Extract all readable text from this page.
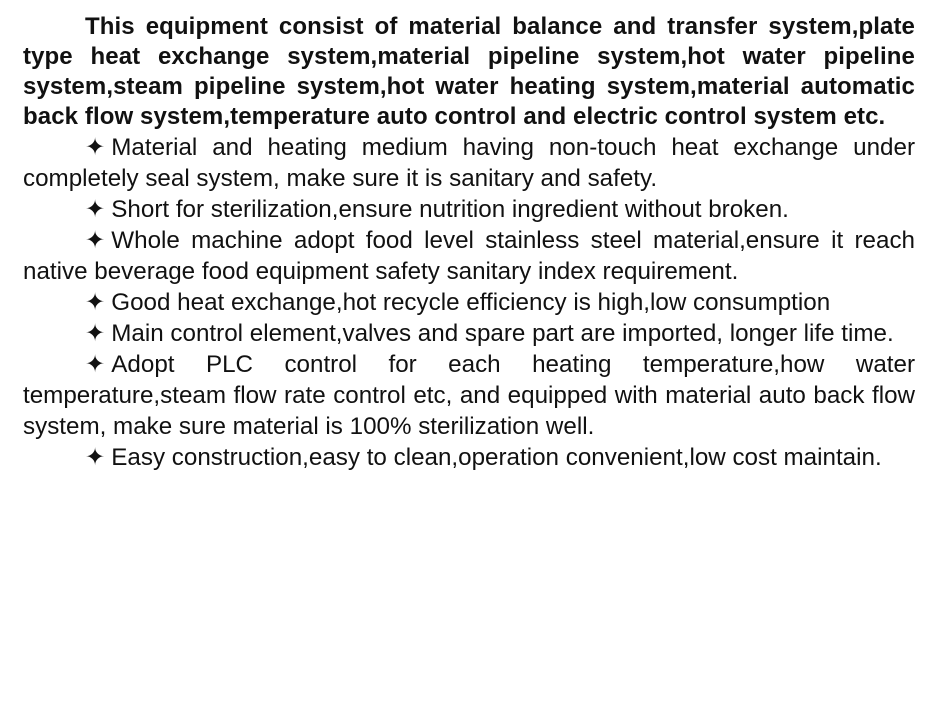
This equipment consist of material balance and transfer system,plate type heat exchange system,material pipeline system,hot water pipeline system,steam pipeline system,hot water heating system,material automatic back flow system,temperature auto control and electric control system etc.

✦ Material and heating medium having non-touch heat exchange under completely seal system, make sure it is sanitary and safety.

✦ Short for sterilization,ensure nutrition ingredient without broken.

✦ Whole machine adopt food level stainless steel material,ensure it reach native beverage food equipment safety sanitary index requirement.

✦ Good heat exchange,hot recycle efficiency is high,low consumption

✦ Main control element,valves and spare part are imported, longer life time.

✦ Adopt PLC control for each heating temperature,how water temperature,steam flow rate control etc, and equipped with material auto back flow system, make sure material is 100% sterilization well.

✦ Easy construction,easy to clean,operation convenient,low cost maintain.
